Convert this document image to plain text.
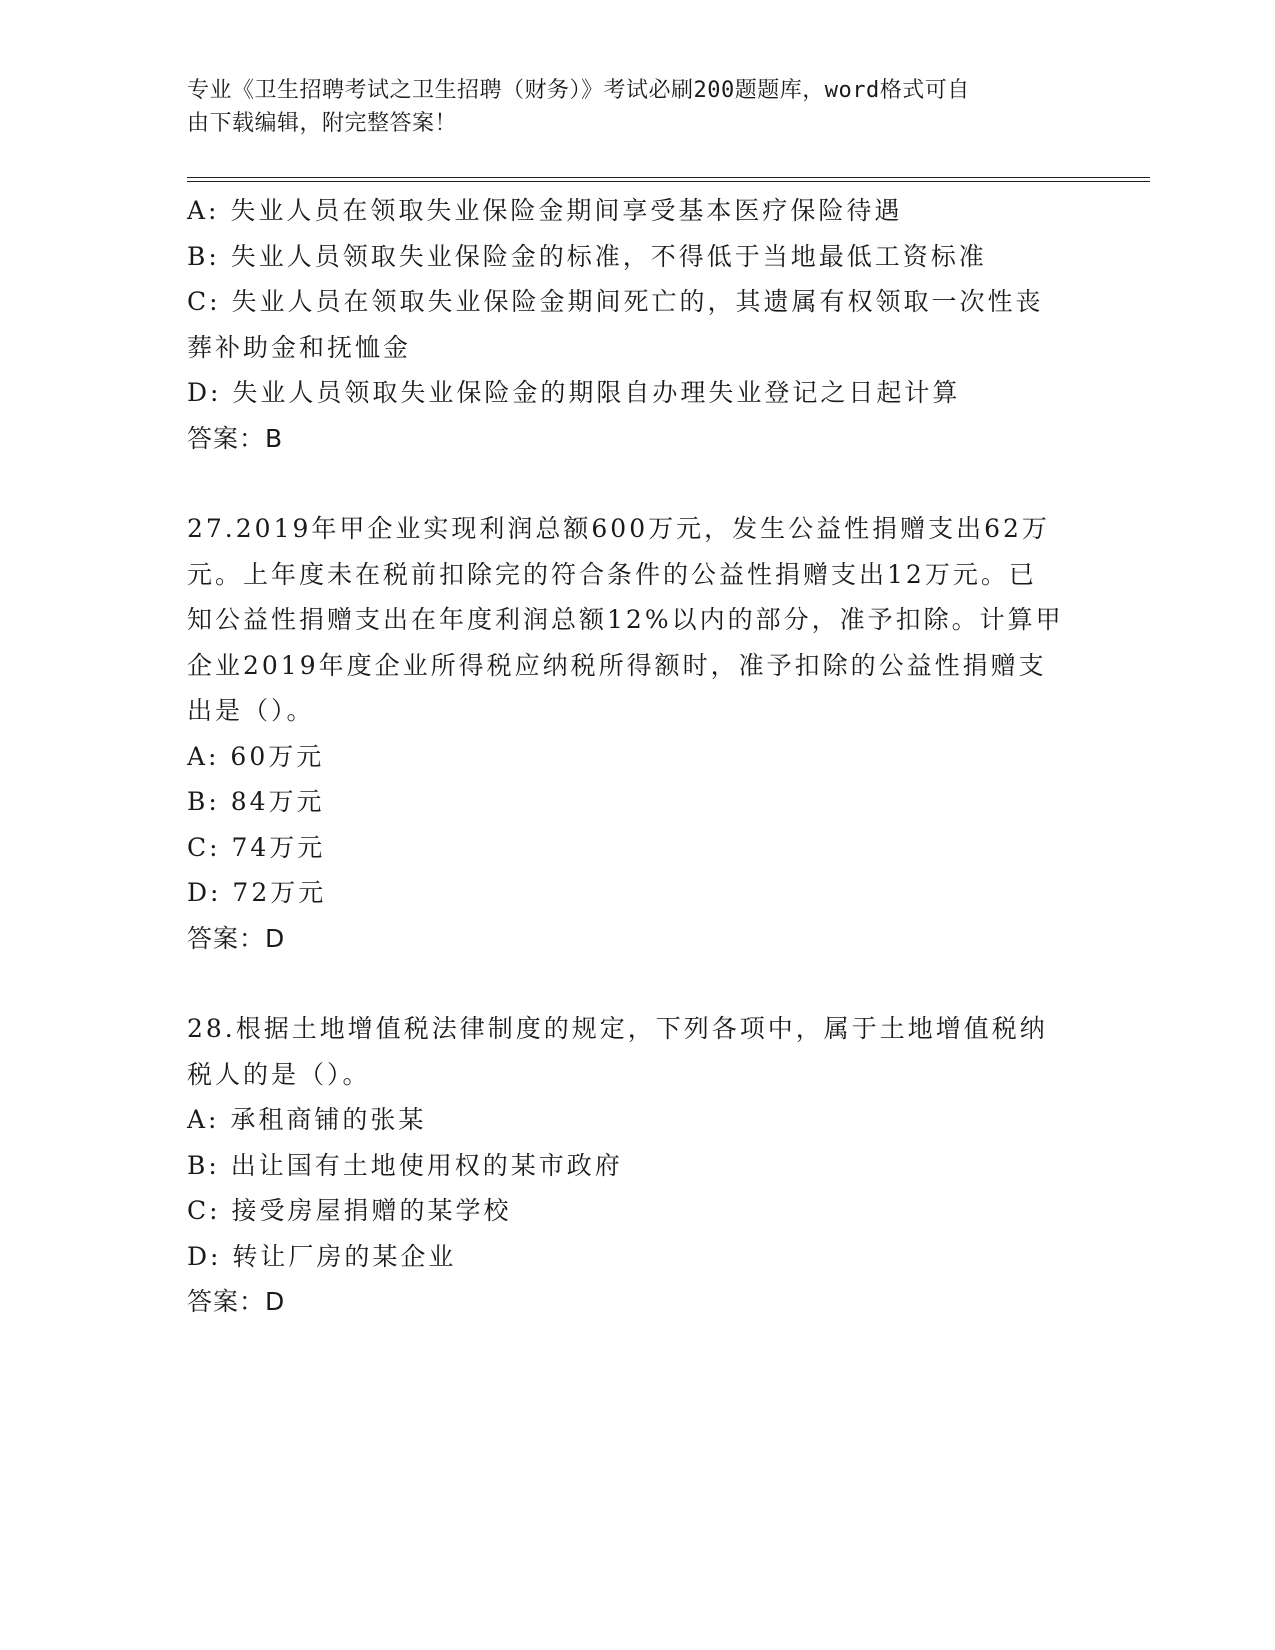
专业《卫生招聘考试之卫生招聘（财务）》考试必刷200题题库，word格式可自
由下载编辑，附完整答案！

A: 失业人员在领取失业保险金期间享受基本医疗保险待遇

B: 失业人员领取失业保险金的标准，不得低于当地最低工资标准

C: 失业人员在领取失业保险金期间死亡的，其遗属有权领取一次性丧

葬补助金和抚恤金

D: 失业人员领取失业保险金的期限自办理失业登记之日起计算

答案：B

27.2019年甲企业实现利润总额600万元，发生公益性捐赠支出62万

元。上年度未在税前扣除完的符合条件的公益性捐赠支出12万元。已

知公益性捐赠支出在年度利润总额12%以内的部分，准予扣除。计算甲

企业2019年度企业所得税应纳税所得额时，准予扣除的公益性捐赠支

出是（）。

A: 60万元

B: 84万元

C: 74万元

D: 72万元

答案：D

28.根据土地增值税法律制度的规定，下列各项中，属于土地增值税纳

税人的是（）。

A: 承租商铺的张某

B: 出让国有土地使用权的某市政府

C: 接受房屋捐赠的某学校

D: 转让厂房的某企业

答案：D
